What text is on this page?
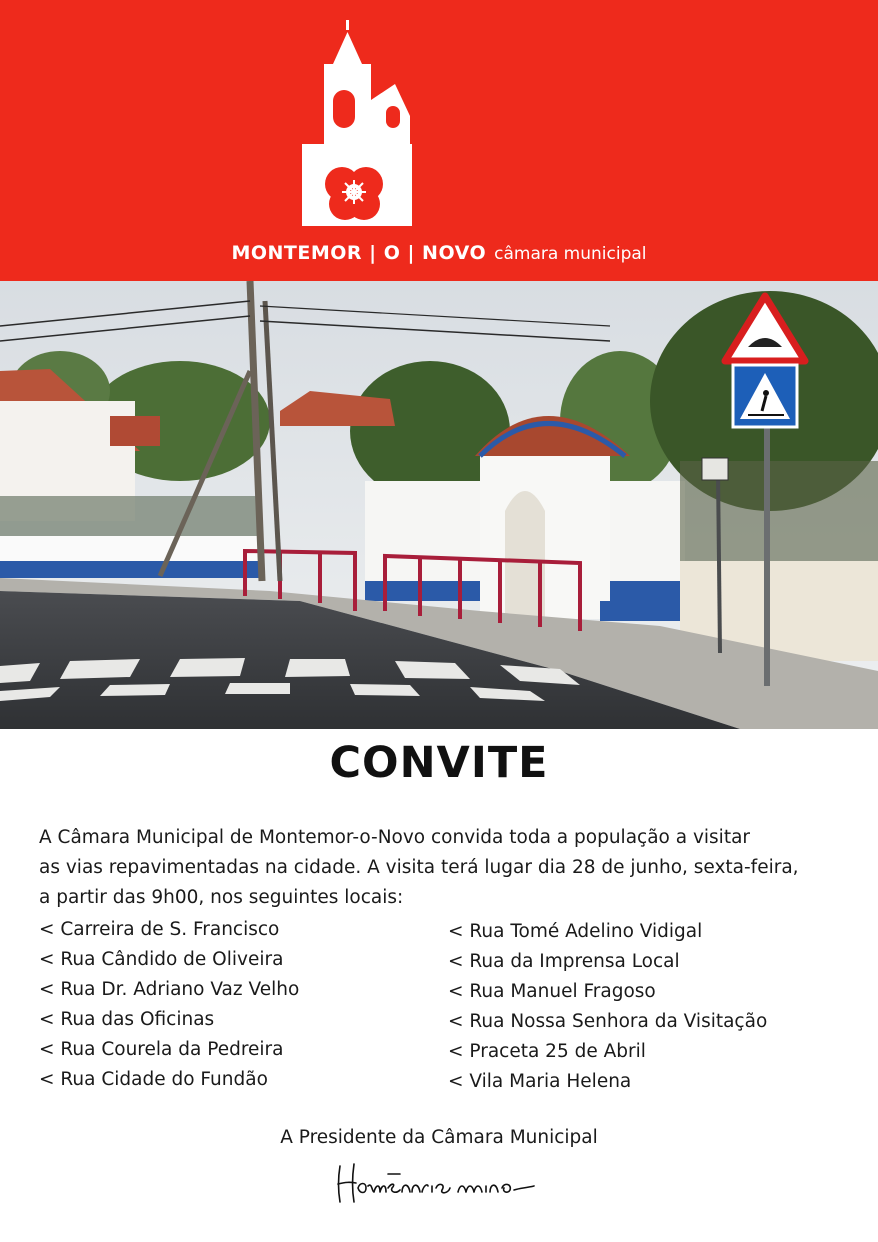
MONTEMOR | O | NOVO câmara municipal
CONVITE

A Câmara Municipal de Montemor-o-Novo convida toda a população a visitar

as vias repavimentadas na cidade. A visita terá lugar dia 28 de junho, sexta-feira,

a partir das 9h00, nos seguintes locais:

< Carreira de S. Francisco
< Rua Cândido de Oliveira
< Rua Dr. Adriano Vaz Velho
< Rua das Oficinas
< Rua Courela da Pedreira
< Rua Cidade do Fundão
< Rua Tomé Adelino Vidigal
< Rua da Imprensa Local
< Rua Manuel Fragoso
< Rua Nossa Senhora da Visitação
< Praceta 25 de Abril
< Vila Maria Helena
A Presidente da Câmara Municipal
